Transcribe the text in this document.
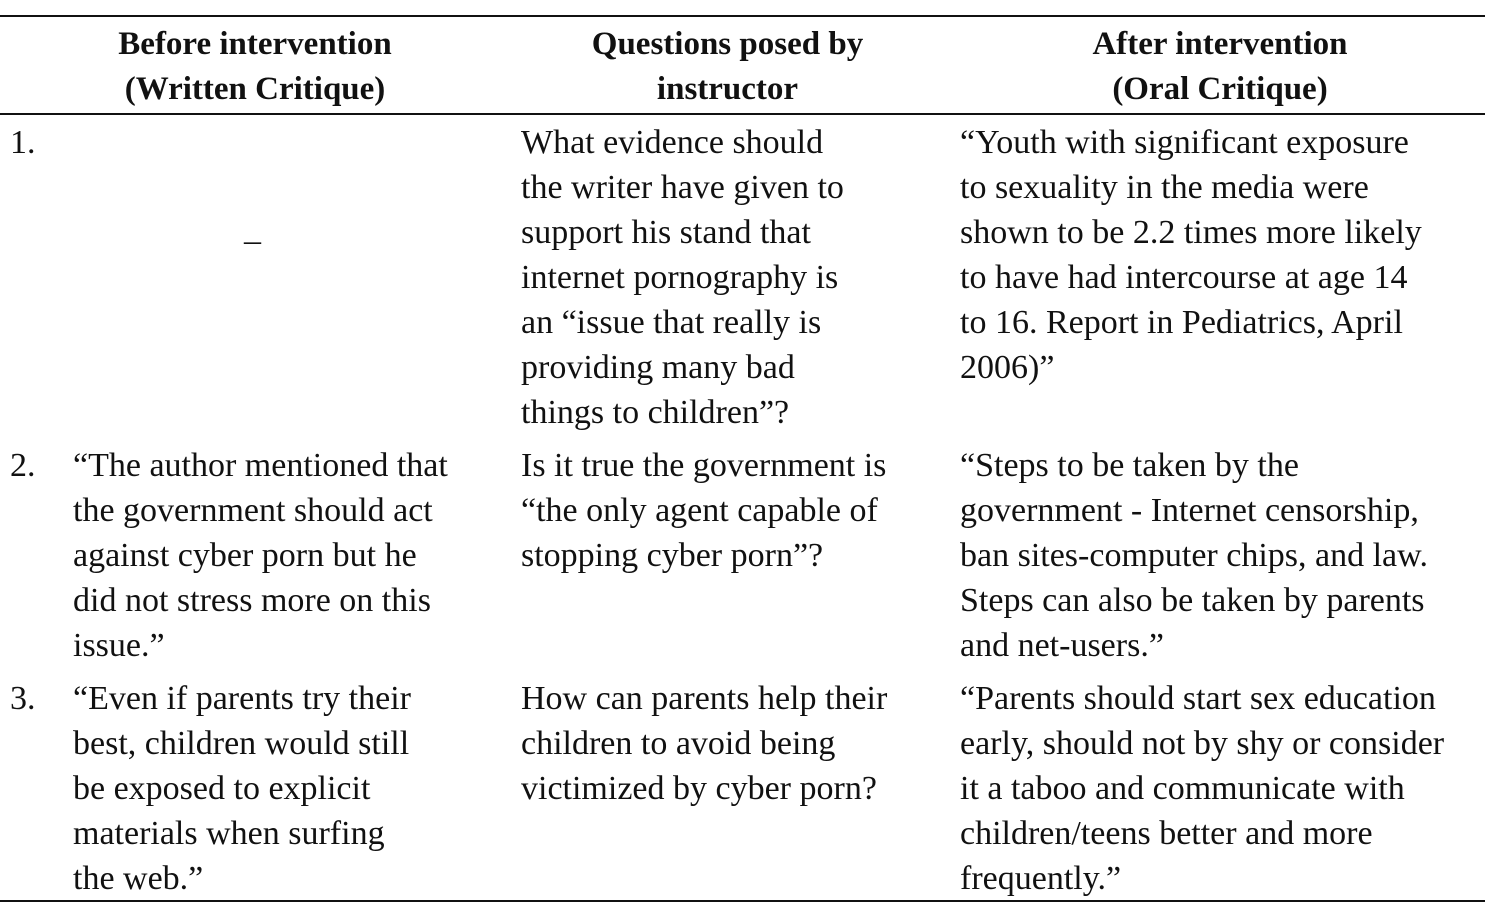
Before intervention
(Written Critique)
Questions posed by
instructor
After intervention
(Oral Critique)
1.
–
What evidence should
the writer have given to
support his stand that
internet pornography is
an “issue that really is
providing many bad
things to children”?
“Youth with significant exposure
to sexuality in the media were
shown to be 2.2 times more likely
to have had intercourse at age 14
to 16. Report in Pediatrics, April
2006)”
2.	“The author mentioned that
the government should act
against cyber porn but he
did not stress more on this
issue.”
Is it true the government is
“the only agent capable of
stopping cyber porn”?
“Steps to be taken by the
government - Internet censorship,
ban sites-computer chips, and law.
Steps can also be taken by parents
and net-users.”
3.	“Even if parents try their
best, children would still
be exposed to explicit
materials when surfing
the web.”
How can parents help their
children to avoid being
victimized by cyber porn?
“Parents should start sex education
early, should not by shy or consider
it a taboo and communicate with
children/teens better and more
frequently.”
